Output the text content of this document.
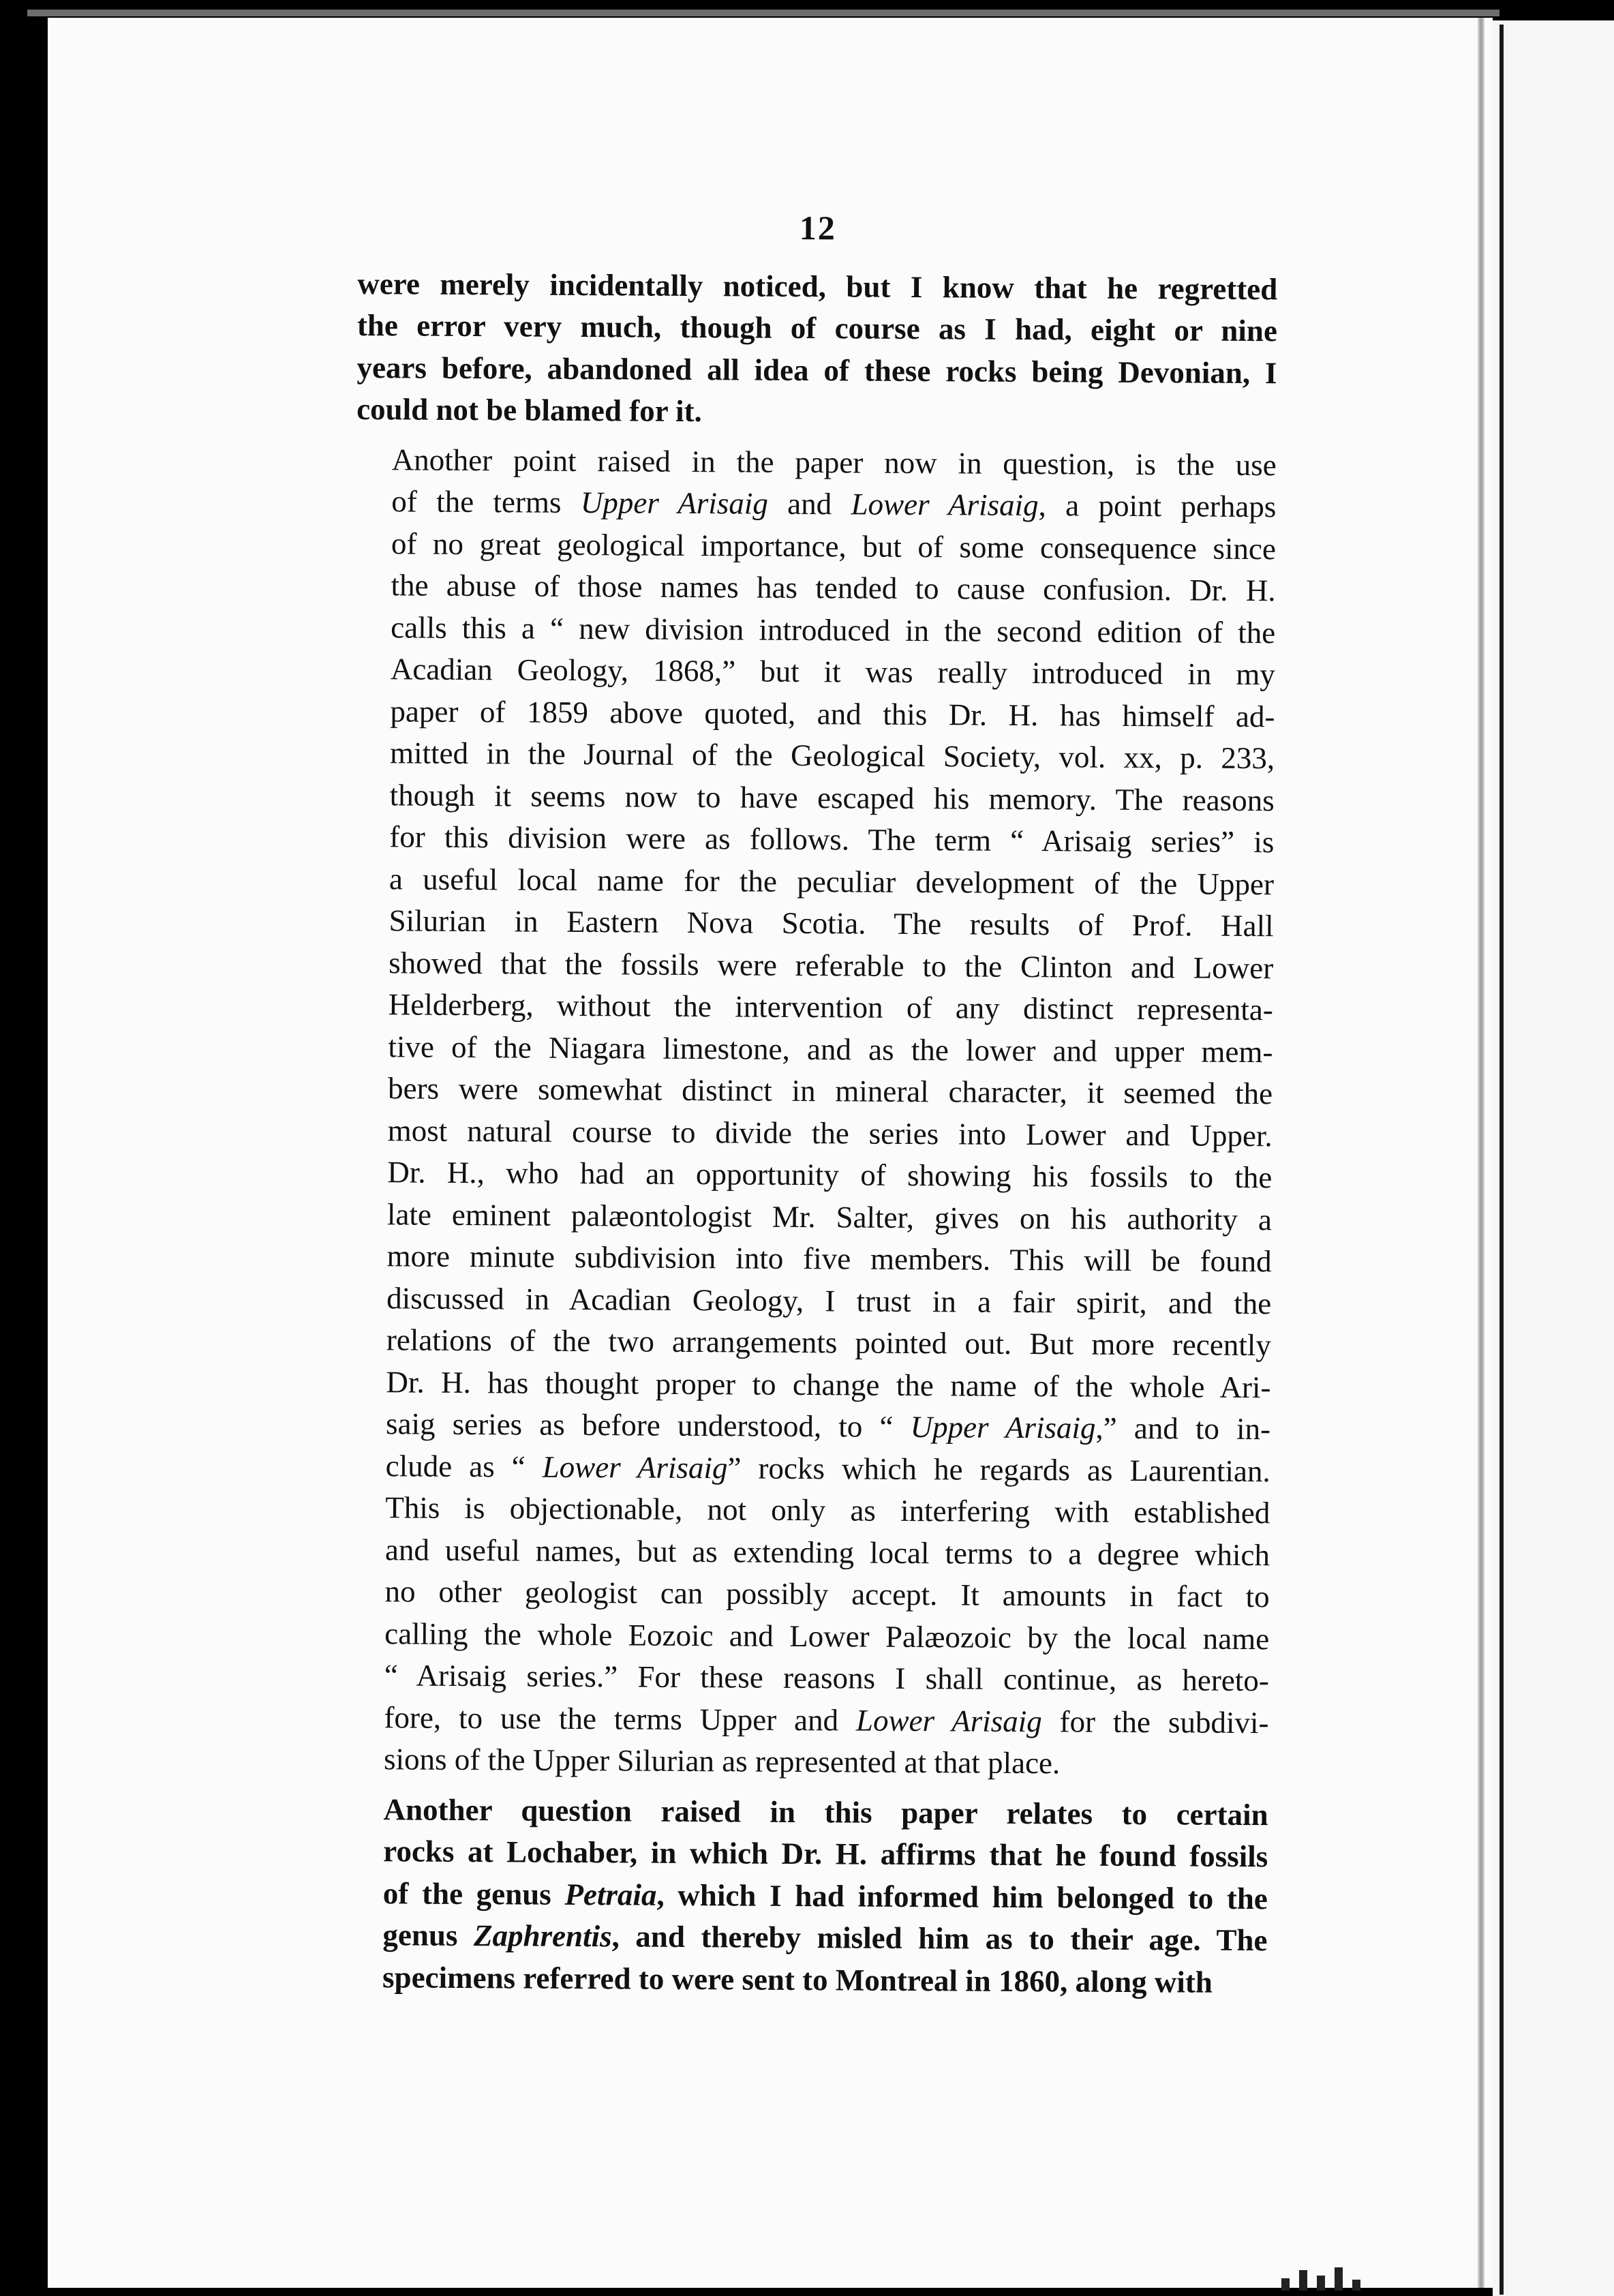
12
were merely incidentally noticed, but I know that he regretted
the error very much, though of course as I had, eight or nine
years before, abandoned all idea of these rocks being Devonian, I
could not be blamed for it.
Another point raised in the paper now in question, is the use
of the terms Upper Arisaig and Lower Arisaig, a point perhaps
of no great geological importance, but of some consequence since
the abuse of those names has tended to cause confusion. Dr. H.
calls this a “ new division introduced in the second edition of the
Acadian Geology, 1868,” but it was really introduced in my
paper of 1859 above quoted, and this Dr. H. has himself ad-
mitted in the Journal of the Geological Society, vol. xx, p. 233,
though it seems now to have escaped his memory. The reasons
for this division were as follows. The term “ Arisaig series” is
a useful local name for the peculiar development of the Upper
Silurian in Eastern Nova Scotia. The results of Prof. Hall
showed that the fossils were referable to the Clinton and Lower
Helderberg, without the intervention of any distinct representa-
tive of the Niagara limestone, and as the lower and upper mem-
bers were somewhat distinct in mineral character, it seemed the
most natural course to divide the series into Lower and Upper.
Dr. H., who had an opportunity of showing his fossils to the
late eminent palæontologist Mr. Salter, gives on his authority a
more minute subdivision into five members. This will be found
discussed in Acadian Geology, I trust in a fair spirit, and the
relations of the two arrangements pointed out. But more recently
Dr. H. has thought proper to change the name of the whole Ari-
saig series as before understood, to “ Upper Arisaig,” and to in-
clude as “ Lower Arisaig” rocks which he regards as Laurentian.
This is objectionable, not only as interfering with established
and useful names, but as extending local terms to a degree which
no other geologist can possibly accept. It amounts in fact to
calling the whole Eozoic and Lower Palæozoic by the local name
“ Arisaig series.” For these reasons I shall continue, as hereto-
fore, to use the terms Upper and Lower Arisaig for the subdivi-
sions of the Upper Silurian as represented at that place.
Another question raised in this paper relates to certain
rocks at Lochaber, in which Dr. H. affirms that he found fossils
of the genus Petraia, which I had informed him belonged to the
genus Zaphrentis, and thereby misled him as to their age. The
specimens referred to were sent to Montreal in 1860, along with
